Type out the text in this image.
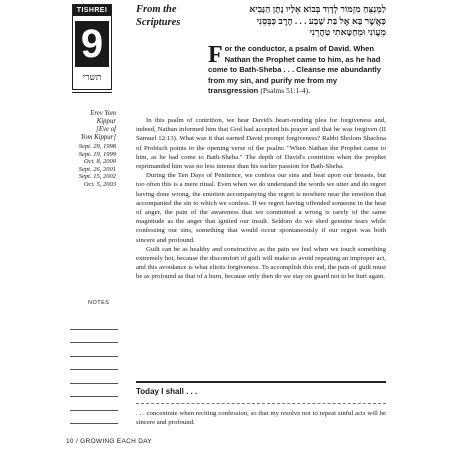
TISHREI
9
תשרי
Erev Yom
Kippur
[Eve of
Yom Kippur]
Sept. 29, 1998
Sept. 19, 1999
Oct. 8, 2000
Sept. 26, 2001
Sept. 15, 2002
Oct. 5, 2003
NOTES
From the
Scriptures
לַמְנַצֵּחַ מִזְמוֹר לְדָוִד בְּבוֹא אֵלָיו נָתָן הַנָּבִיא
כַּאֲשֶׁר בָּא אֶל בַּת שָׁבַע . . . הֶרֶב כַּבְּסֵנִי
מֵעֲוֹנִי וּמֵחַטָּאתִי טַהֲרֵנִי
F or the conductor, a psalm of David. When Nathan the Prophet came to him, as he had come to Bath-Sheba . . . Cleanse me abundantly from my sin, and purify me from my transgression (Psalms 51:1-4).

In this psalm of contrition, we hear David's heart-rending plea for forgiveness and, indeed, Nathan informed him that God had accepted his prayer and that he was forgiven (II Samuel 12:13). What was it that earned David prompt forgiveness? Rabbi Sholom Shachna of Probisch points to the opening verse of the psalm: "When Nathan the Prophet came to him, as he had come to Bath-Sheba." The depth of David's contrition when the prophet reprimanded him was no less intense than his earlier passion for Bath-Sheba.

During the Ten Days of Penitence, we confess our sins and beat upon our breasts, but too often this is a mere ritual. Even when we do understand the words we utter and do regret having done wrong, the emotion accompanying the regret is nowhere near the emotion that accompanied the sin to which we confess. If we regret having offended someone in the heat of anger, the pain of the awareness that we committed a wrong is rarely of the same magnitude as the anger that ignited our insult. Seldom do we shed genuine tears while confessing our sins, something that would occur spontaneously if our regret was both sincere and profound.

Guilt can be as healthy and constructive as the pain we feel when we touch something extremely hot, because the discomfort of guilt will make us avoid repeating an improper act, and this avoidance is what elicits forgiveness. To accomplish this end, the pain of guilt must be as profound as that of a burn, because only then do we stay on guard not to be hurt again.

Today I shall . . .
. . . concentrate when reciting confession, so that my resolve not to repeat sinful acts will be sincere and profound.
10 / GROWING EACH DAY
